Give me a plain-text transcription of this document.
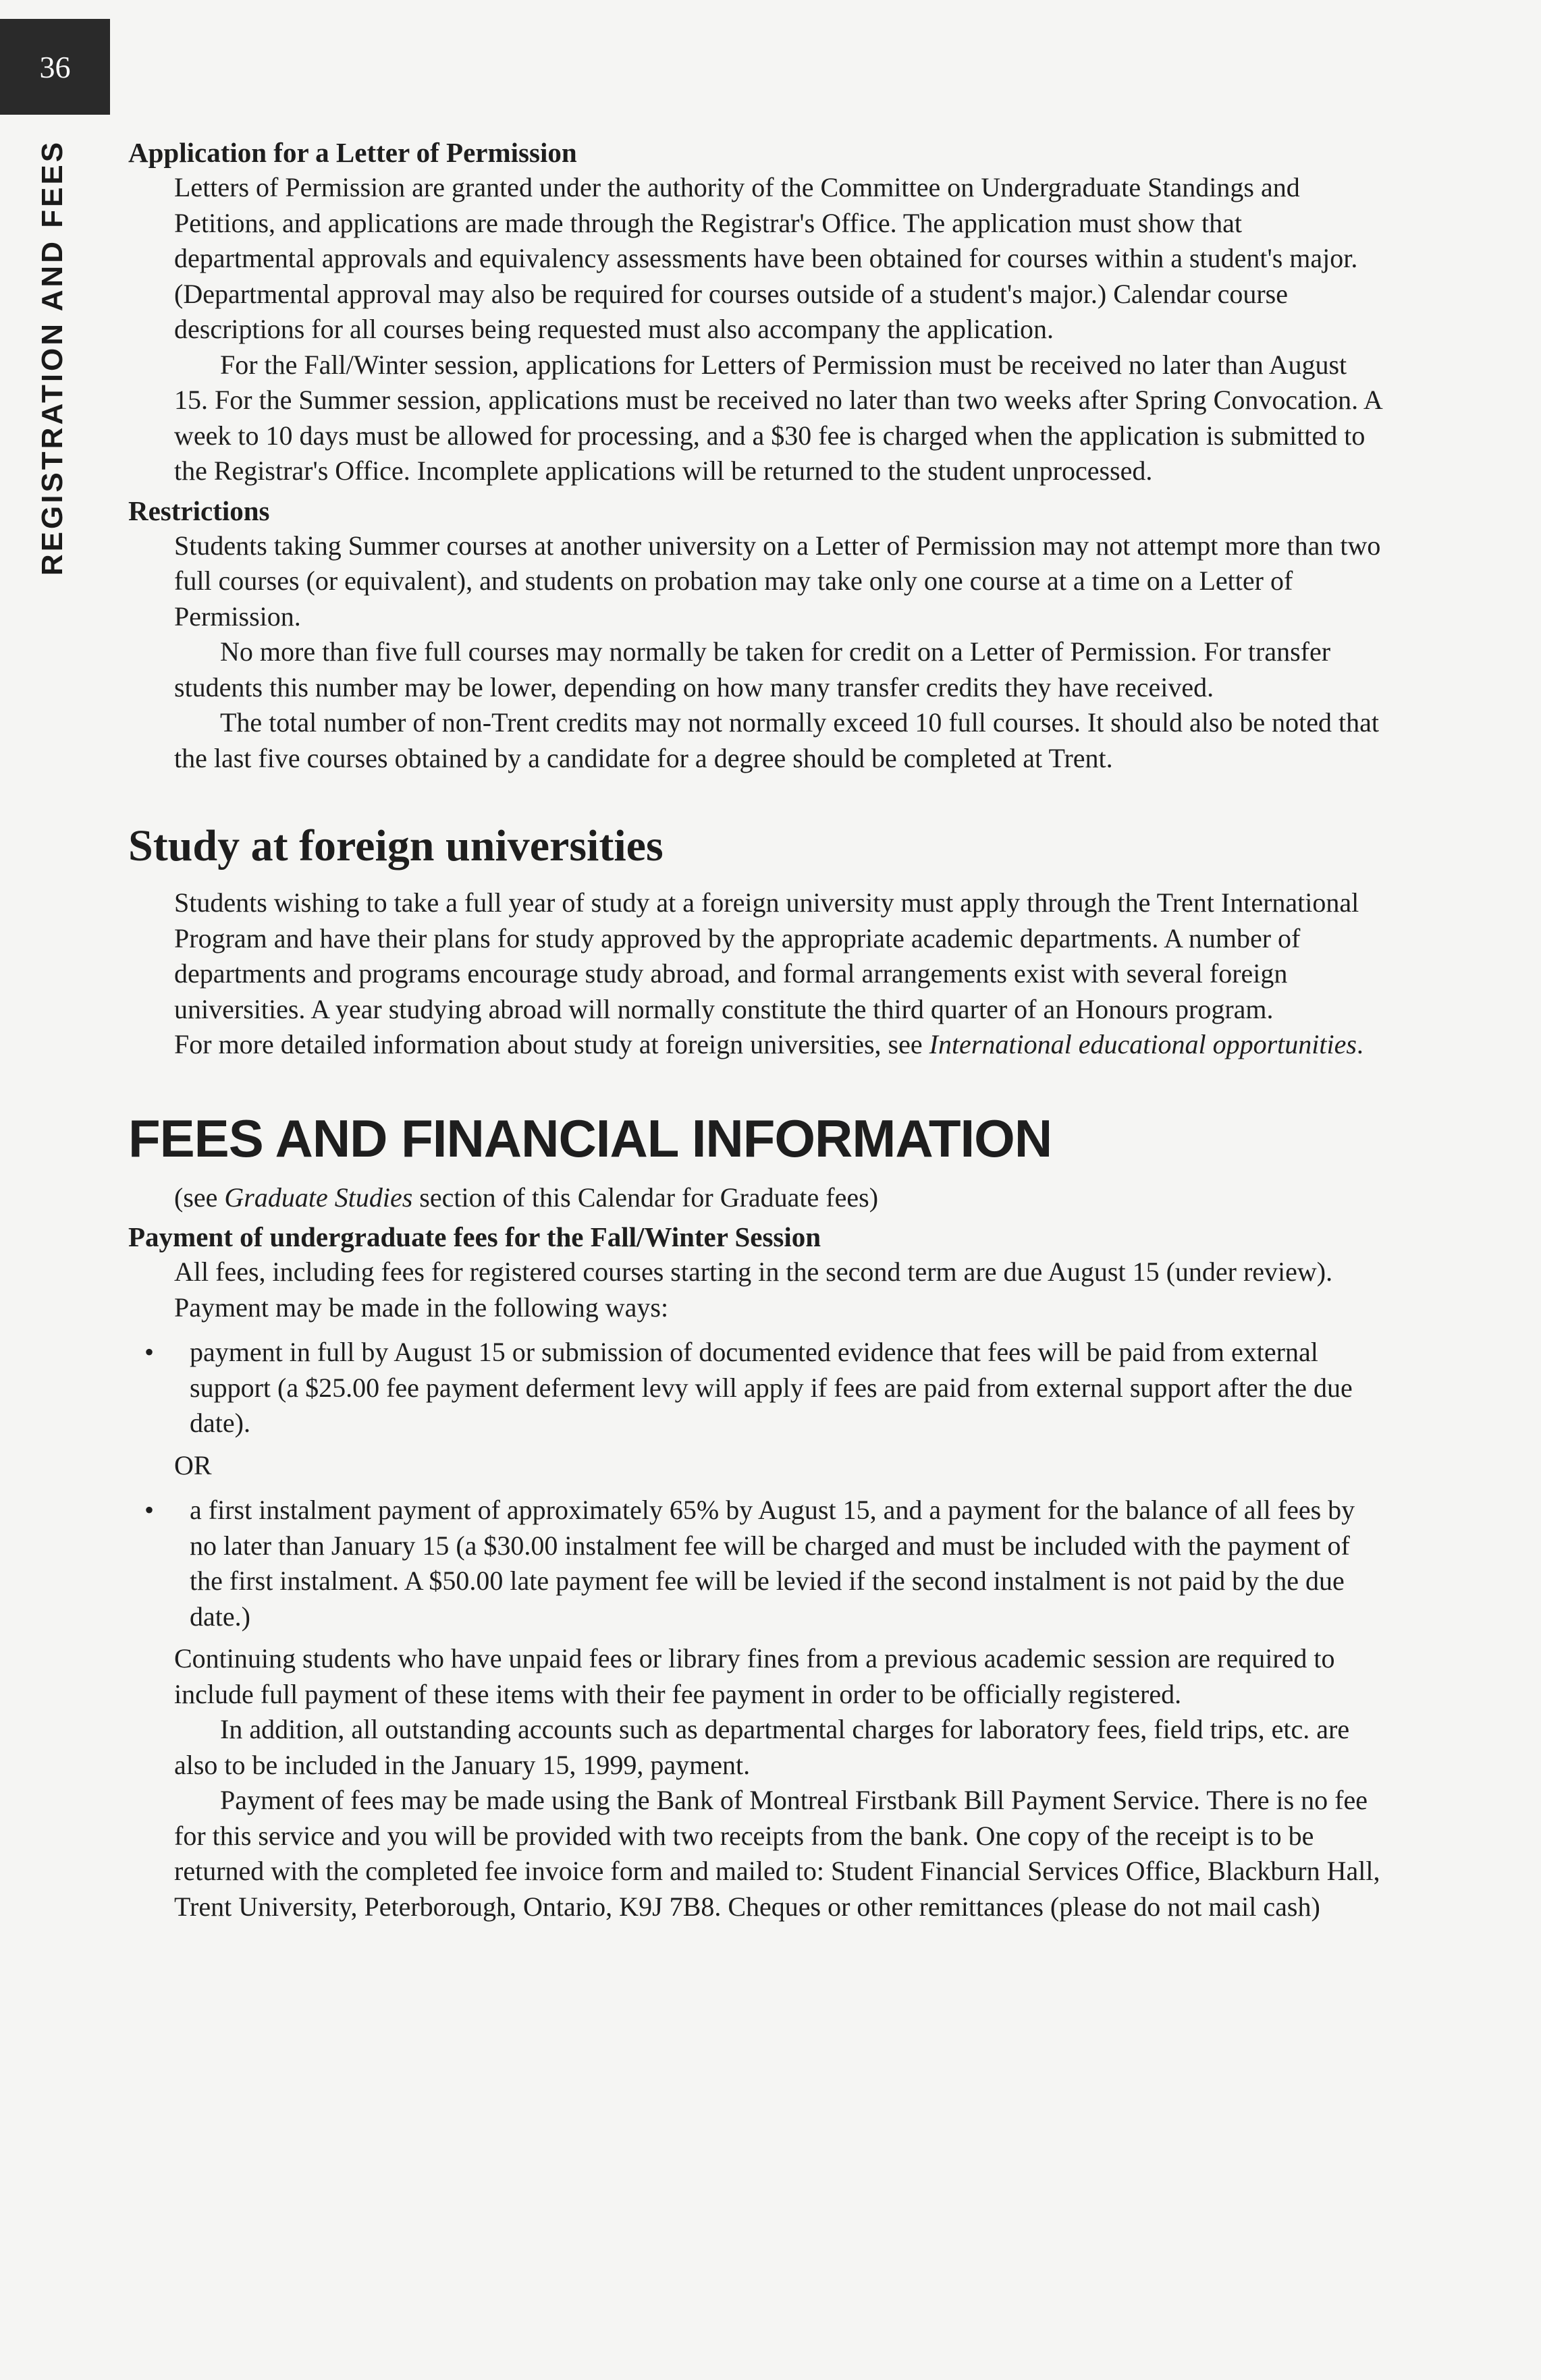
36
REGISTRATION AND FEES Application for a Letter of Permission

Letters of Permission are granted under the authority of the Committee on Undergraduate Standings and Petitions, and applications are made through the Registrar's Office. The application must show that departmental approvals and equivalency assessments have been obtained for courses within a student's major. (Departmental approval may also be required for courses outside of a student's major.) Calendar course descriptions for all courses being requested must also accompany the application.

For the Fall/Winter session, applications for Letters of Permission must be received no later than August 15. For the Summer session, applications must be received no later than two weeks after Spring Convocation. A week to 10 days must be allowed for processing, and a $30 fee is charged when the application is submitted to the Registrar's Office. Incomplete applications will be returned to the student unprocessed.

Restrictions

Students taking Summer courses at another university on a Letter of Permission may not attempt more than two full courses (or equivalent), and students on probation may take only one course at a time on a Letter of Permission.

No more than five full courses may normally be taken for credit on a Letter of Permission. For transfer students this number may be lower, depending on how many transfer credits they have received.

The total number of non-Trent credits may not normally exceed 10 full courses. It should also be noted that the last five courses obtained by a candidate for a degree should be completed at Trent.

Study at foreign universities

Students wishing to take a full year of study at a foreign university must apply through the Trent International Program and have their plans for study approved by the appropriate academic departments. A number of departments and programs encourage study abroad, and formal arrangements exist with several foreign universities. A year studying abroad will normally constitute the third quarter of an Honours program.

For more detailed information about study at foreign universities, see International educational opportunities.

FEES AND FINANCIAL INFORMATION

(see Graduate Studies section of this Calendar for Graduate fees)

Payment of undergraduate fees for the Fall/Winter Session

All fees, including fees for registered courses starting in the second term are due August 15 (under review). Payment may be made in the following ways:

•	payment in full by August 15 or submission of documented evidence that fees will be paid from external support (a $25.00 fee payment deferment levy will apply if fees are paid from external support after the due date).

OR

•	a first instalment payment of approximately 65% by August 15, and a payment for the balance of all fees by no later than January 15 (a $30.00 instalment fee will be charged and must be included with the payment of the first instalment. A $50.00 late payment fee will be levied if the second instalment is not paid by the due date.)

Continuing students who have unpaid fees or library fines from a previous academic session are required to include full payment of these items with their fee payment in order to be officially registered.

In addition, all outstanding accounts such as departmental charges for laboratory fees, field trips, etc. are also to be included in the January 15, 1999, payment.

Payment of fees may be made using the Bank of Montreal Firstbank Bill Payment Service. There is no fee for this service and you will be provided with two receipts from the bank. One copy of the receipt is to be returned with the completed fee invoice form and mailed to: Student Financial Services Office, Blackburn Hall, Trent University, Peterborough, Ontario, K9J 7B8. Cheques or other remittances (please do not mail cash)
